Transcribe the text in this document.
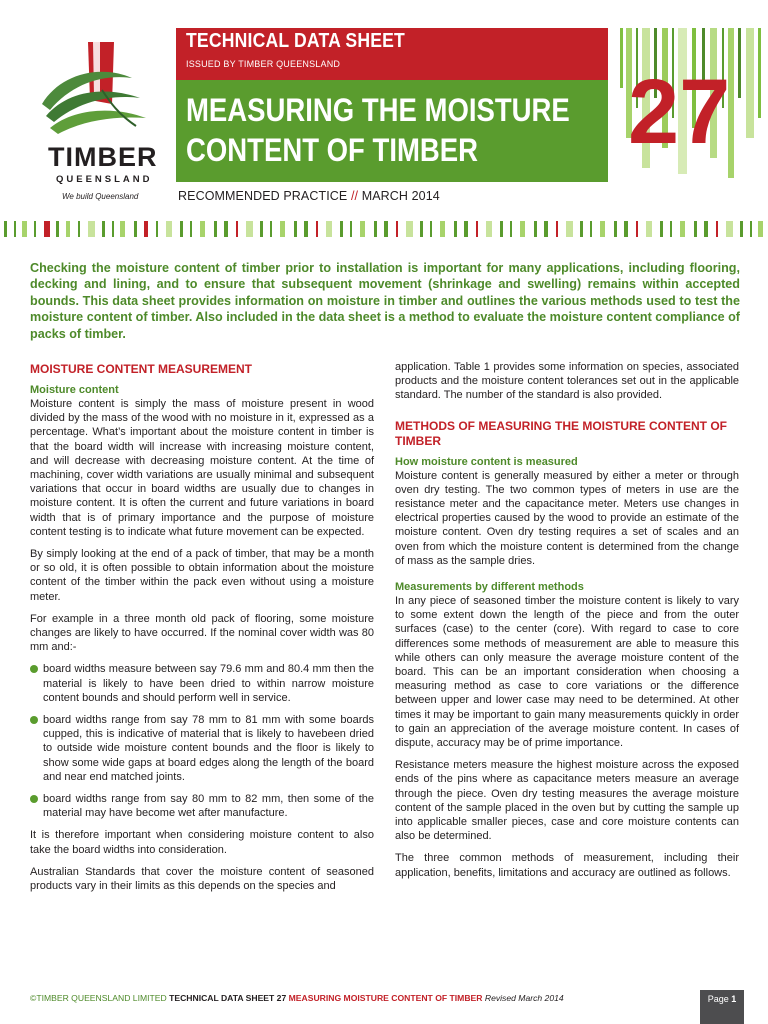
TIMBER
QUEENSLAND
We build Queensland
TECHNICAL DATA SHEET
ISSUED BY TIMBER QUEENSLAND
MEASURING THE MOISTURE
CONTENT OF TIMBER
RECOMMENDED PRACTICE // MARCH 2014
27
Checking the moisture content of timber prior to installation is important for many applications, including flooring, decking and lining, and to ensure that subsequent movement (shrinkage and swelling) remains within accepted bounds. This data sheet provides information on moisture in timber and outlines the various methods used to test the moisture content of timber. Also included in the data sheet is a method to evaluate the moisture content compliance of packs of timber.
MOISTURE CONTENT MEASUREMENT
Moisture content

Moisture content is simply the mass of moisture present in wood divided by the mass of the wood with no moisture in it, expressed as a percentage. What’s important about the moisture content in timber is that the board width will increase with increasing moisture content, and will decrease with decreasing moisture content. At the time of machining, cover width variations are usually minimal and subsequent variations that occur in board widths are usually due to changes in moisture content. It is often the current and future variations in board width that is of primary importance and the purpose of moisture content testing is to indicate what future movement can be expected.

By simply looking at the end of a pack of timber, that may be a month or so old, it is often possible to obtain information about the moisture content of the timber within the pack even without using a moisture meter.

For example in a three month old pack of flooring, some moisture changes are likely to have occurred. If the nominal cover width was 80 mm and:-

board widths measure between say 79.6 mm and 80.4 mm then the material is likely to have been dried to within narrow moisture content bounds and should perform well in service.
board widths range from say 78 mm to 81 mm with some boards cupped, this is indicative of material that is likely to havebeen dried to outside wide moisture content bounds and the floor is likely to show some wide gaps at board edges along the length of the board and near end matched joints.
board widths range from say 80 mm to 82 mm, then some of the material may have become wet after manufacture.

It is therefore important when considering moisture content to also take the board widths into consideration.

Australian Standards that cover the moisture content of seasoned products vary in their limits as this depends on the species and

application. Table 1 provides some information on species, associated products and the moisture content tolerances set out in the applicable standard. The number of the standard is also provided.

METHODS OF MEASURING THE MOISTURE CONTENT OF TIMBER
How moisture content is measured

Moisture content is generally measured by either a meter or through oven dry testing. The two common types of meters in use are the resistance meter and the capacitance meter. Meters use changes in electrical properties caused by the wood to provide an estimate of the moisture content. Oven dry testing requires a set of scales and an oven from which the moisture content is determined from the change of mass as the sample dries.

Measurements by different methods

In any piece of seasoned timber the moisture content is likely to vary to some extent down the length of the piece and from the outer surfaces (case) to the center (core). With regard to case to core differences some methods of measurement are able to measure this while others can only measure the average moisture content of the board. This can be an important consideration when choosing a measuring method as case to core variations or the difference between upper and lower case may need to be determined. At other times it may be important to gain many measurements quickly in order to gain an appreciation of the average moisture content. In cases of dispute, accuracy may be of prime importance.

Resistance meters measure the highest moisture across the exposed ends of the pins where as capacitance meters measure an average through the piece. Oven dry testing measures the average moisture content of the sample placed in the oven but by cutting the sample up into applicable smaller pieces, case and core moisture contents can also be determined.

The three common methods of measurement, including their application, benefits, limitations and accuracy are outlined as follows.

©TIMBER QUEENSLAND LIMITED TECHNICAL DATA SHEET 27 MEASURING MOISTURE CONTENT OF TIMBER Revised March 2014	Page 1
